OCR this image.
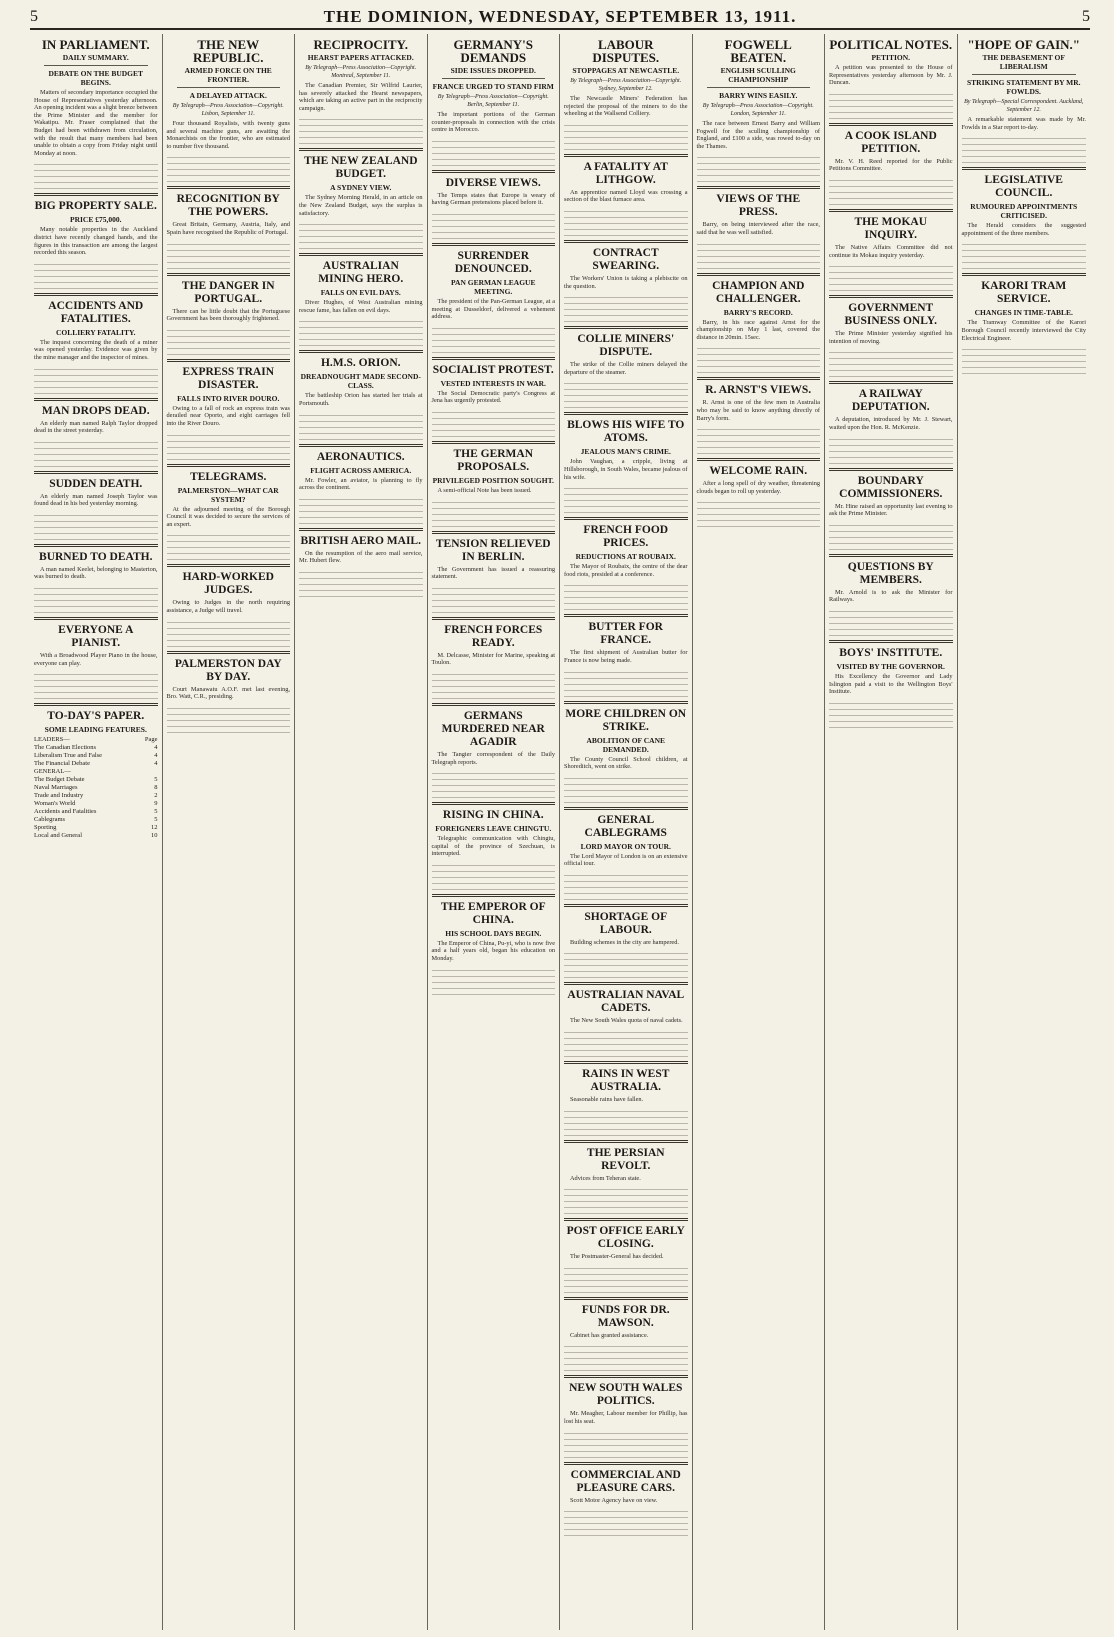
5	THE DOMINION, WEDNESDAY, SEPTEMBER 13, 1911.	5
IN PARLIAMENT.
DAILY SUMMARY.
DEBATE ON THE BUDGET BEGINS.

Matters of secondary importance occupied the House of Representatives yesterday afternoon. An opening incident was a slight breeze between the Prime Minister and the member for Wakatipu. Mr. Fraser complained that the Budget had been withdrawn from circulation, with the result that many members had been unable to obtain a copy from Friday night until Monday at noon.

BIG PROPERTY SALE.
PRICE £75,000.

Many notable properties in the Auckland district have recently changed hands, and the figures in this transaction are among the largest recorded this season.

ACCIDENTS AND FATALITIES.
COLLIERY FATALITY.

The inquest concerning the death of a miner was opened yesterday. Evidence was given by the mine manager and the inspector of mines.

MAN DROPS DEAD.

An elderly man named Ralph Taylor dropped dead in the street yesterday.

SUDDEN DEATH.

An elderly man named Joseph Taylor was found dead in his bed yesterday morning.

BURNED TO DEATH.

A man named Keelet, belonging to Masterton, was burned to death.

EVERYONE A PIANIST.

With a Broadwood Player Piano in the house, everyone can play.

TO-DAY'S PAPER.
SOME LEADING FEATURES.
LEADERS—	Page
The Canadian Elections	4
Liberalism True and False	4
The Financial Debate	4
GENERAL—
The Budget Debate	5
Naval Marriages	8
Trade and Industry	2
Woman's World	9
Accidents and Fatalities	5
Cablegrams	5
Sporting	12
Local and General	10
THE NEW REPUBLIC.
ARMED FORCE ON THE FRONTIER.
A DELAYED ATTACK.
By Telegraph—Press Association—Copyright. Lisbon, September 11.

Four thousand Royalists, with twenty guns and several machine guns, are awaiting the Monarchists on the frontier, who are estimated to number five thousand.

RECOGNITION BY THE POWERS.

Great Britain, Germany, Austria, Italy, and Spain have recognised the Republic of Portugal.

THE DANGER IN PORTUGAL.

There can be little doubt that the Portuguese Government has been thoroughly frightened.

EXPRESS TRAIN DISASTER.
FALLS INTO RIVER DOURO.

Owing to a fall of rock an express train was derailed near Oporto, and eight carriages fell into the River Douro.

TELEGRAMS.
PALMERSTON—WHAT CAR SYSTEM?

At the adjourned meeting of the Borough Council it was decided to secure the services of an expert.

HARD-WORKED JUDGES.

Owing to Judges in the north requiring assistance, a Judge will travel.

PALMERSTON DAY BY DAY.

Court Manawatu A.O.F. met last evening, Bro. Watt, C.R., presiding.

RECIPROCITY.
HEARST PAPERS ATTACKED.
By Telegraph—Press Association—Copyright. Montreal, September 11.

The Canadian Premier, Sir Wilfrid Laurier, has severely attacked the Hearst newspapers, which are taking an active part in the reciprocity campaign.

THE NEW ZEALAND BUDGET.
A SYDNEY VIEW.

The Sydney Morning Herald, in an article on the New Zealand Budget, says the surplus is satisfactory.

AUSTRALIAN MINING HERO.
FALLS ON EVIL DAYS.

Diver Hughes, of West Australian mining rescue fame, has fallen on evil days.

H.M.S. ORION.
DREADNOUGHT MADE SECOND-CLASS.

The battleship Orion has started her trials at Portsmouth.

AERONAUTICS.
FLIGHT ACROSS AMERICA.

Mr. Fowler, an aviator, is planning to fly across the continent.

BRITISH AERO MAIL.

On the resumption of the aero mail service, Mr. Hubert flew.

GERMANY'S DEMANDS
SIDE ISSUES DROPPED.
FRANCE URGED TO STAND FIRM
By Telegraph—Press Association—Copyright. Berlin, September 11.

The important portions of the German counter-proposals in connection with the crisis centre in Morocco.

DIVERSE VIEWS.

The Temps states that Europe is weary of having German pretensions placed before it.

SURRENDER DENOUNCED.
PAN GERMAN LEAGUE MEETING.

The president of the Pan-German League, at a meeting at Dusseldorf, delivered a vehement address.

SOCIALIST PROTEST.
VESTED INTERESTS IN WAR.

The Social Democratic party's Congress at Jena has urgently protested.

THE GERMAN PROPOSALS.
PRIVILEGED POSITION SOUGHT.

A semi-official Note has been issued.

TENSION RELIEVED IN BERLIN.

The Government has issued a reassuring statement.

FRENCH FORCES READY.

M. Delcasse, Minister for Marine, speaking at Toulon.

GERMANS MURDERED NEAR AGADIR

The Tangier correspondent of the Daily Telegraph reports.

RISING IN CHINA.
FOREIGNERS LEAVE CHINGTU.

Telegraphic communication with Chingtu, capital of the province of Szechuan, is interrupted.

THE EMPEROR OF CHINA.
HIS SCHOOL DAYS BEGIN.

The Emperor of China, Pu-yi, who is now five and a half years old, began his education on Monday.

LABOUR DISPUTES.
STOPPAGES AT NEWCASTLE.
By Telegraph—Press Association—Copyright. Sydney, September 12.

The Newcastle Miners' Federation has rejected the proposal of the miners to do the wheeling at the Wallsend Colliery.

A FATALITY AT LITHGOW.

An apprentice named Lloyd was crossing a section of the blast furnace area.

CONTRACT SWEARING.

The Workers' Union is taking a plebiscite on the question.

COLLIE MINERS' DISPUTE.

The strike of the Collie miners delayed the departure of the steamer.

BLOWS HIS WIFE TO ATOMS.
JEALOUS MAN'S CRIME.

John Vaughan, a cripple, living at Hillsborough, in South Wales, became jealous of his wife.

FRENCH FOOD PRICES.
REDUCTIONS AT ROUBAIX.

The Mayor of Roubaix, the centre of the dear food riots, presided at a conference.

BUTTER FOR FRANCE.

The first shipment of Australian butter for France is now being made.

MORE CHILDREN ON STRIKE.
ABOLITION OF CANE DEMANDED.

The County Council School children, at Shoreditch, went on strike.

GENERAL CABLEGRAMS
LORD MAYOR ON TOUR.

The Lord Mayor of London is on an extensive official tour.

SHORTAGE OF LABOUR.

Building schemes in the city are hampered.

AUSTRALIAN NAVAL CADETS.

The New South Wales quota of naval cadets.

RAINS IN WEST AUSTRALIA.

Seasonable rains have fallen.

THE PERSIAN REVOLT.

Advices from Teheran state.

POST OFFICE EARLY CLOSING.

The Postmaster-General has decided.

FUNDS FOR DR. MAWSON.

Cabinet has granted assistance.

NEW SOUTH WALES POLITICS.

Mr. Meagher, Labour member for Phillip, has lost his seat.

COMMERCIAL AND PLEASURE CARS.

Scott Motor Agency have on view.

FOGWELL BEATEN.
ENGLISH SCULLING CHAMPIONSHIP
BARRY WINS EASILY.
By Telegraph—Press Association—Copyright. London, September 11.

The race between Ernest Barry and William Fogwell for the sculling championship of England, and £100 a side, was rowed to-day on the Thames.

VIEWS OF THE PRESS.

Barry, on being interviewed after the race, said that he was well satisfied.

CHAMPION AND CHALLENGER.
BARRY'S RECORD.

Barry, in his race against Arnst for the championship on May 1 last, covered the distance in 20min. 15sec.

R. ARNST'S VIEWS.

R. Arnst is one of the few men in Australia who may be said to know anything directly of Barry's form.

WELCOME RAIN.

After a long spell of dry weather, threatening clouds began to roll up yesterday.

POLITICAL NOTES.
PETITION.

A petition was presented to the House of Representatives yesterday afternoon by Mr. J. Duncan.

A COOK ISLAND PETITION.

Mr. V. H. Reed reported for the Public Petitions Committee.

THE MOKAU INQUIRY.

The Native Affairs Committee did not continue its Mokau inquiry yesterday.

GOVERNMENT BUSINESS ONLY.

The Prime Minister yesterday signified his intention of moving.

A RAILWAY DEPUTATION.

A deputation, introduced by Mr. J. Stewart, waited upon the Hon. R. McKenzie.

BOUNDARY COMMISSIONERS.

Mr. Hine raised an opportunity last evening to ask the Prime Minister.

QUESTIONS BY MEMBERS.

Mr. Arnold is to ask the Minister for Railways.

BOYS' INSTITUTE.
VISITED BY THE GOVERNOR.

His Excellency the Governor and Lady Islington paid a visit to the Wellington Boys' Institute.

"HOPE OF GAIN."
THE DEBASEMENT OF LIBERALISM
STRIKING STATEMENT BY MR. FOWLDS.
By Telegraph—Special Correspondent. Auckland, September 12.

A remarkable statement was made by Mr. Fowlds in a Star report to-day.

LEGISLATIVE COUNCIL.
RUMOURED APPOINTMENTS CRITICISED.

The Herald considers the suggested appointment of the three members.

KARORI TRAM SERVICE.
CHANGES IN TIME-TABLE.

The Tramway Committee of the Karori Borough Council recently interviewed the City Electrical Engineer.
